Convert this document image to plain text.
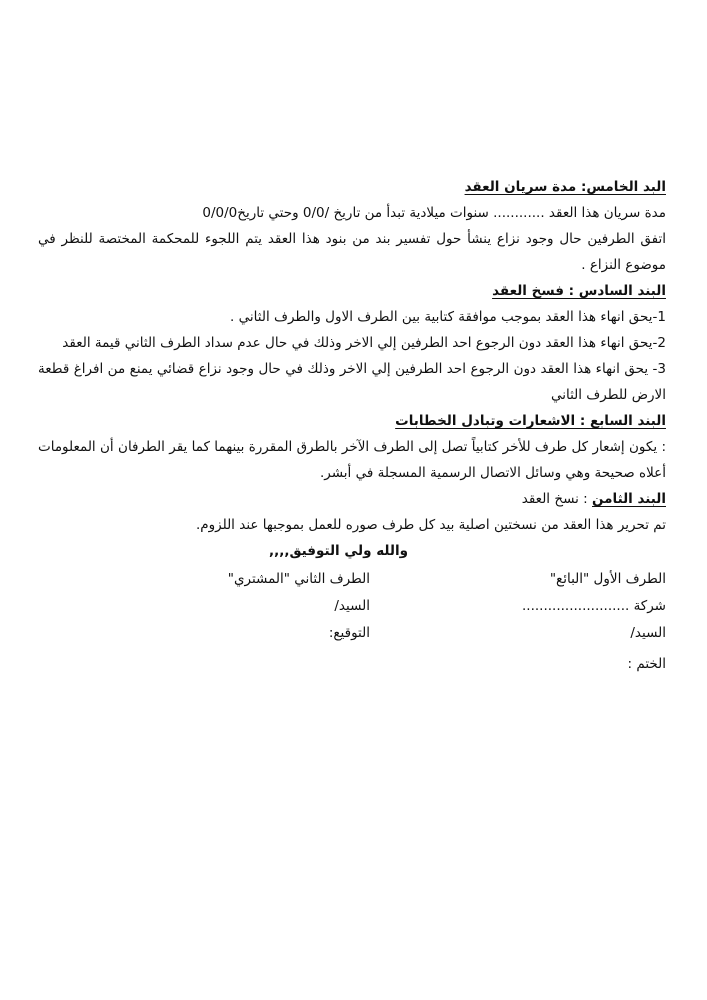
البد الخامس: مدة سريان العقد
مدة سريان هذا العقد ............ سنوات ميلادية تبدأ من تاريخ /0/0 وحتي تاريخ0/0/0
اتفق الطرفين حال وجود نزاع ينشأ حول تفسير بند من بنود هذا العقد يتم اللجوء للمحكمة المختصة للنظر في موضوع النزاع .
البند السادس : فسخ العقد
1-يحق انهاء هذا العقد بموجب موافقة كتابية بين الطرف الاول والطرف الثاني .
2-يحق انهاء هذا العقد دون الرجوع احد الطرفين إلي الاخر وذلك في حال عدم سداد الطرف الثاني قيمة العقد
3- يحق انهاء هذا العقد دون الرجوع احد الطرفين إلي الاخر وذلك في حال وجود نزاع قضائي يمنع من افراغ قطعة الارض للطرف الثاني
البند السابع : الاشعارات وتبادل الخطابات
: يكون إشعار كل طرف للأخر كتابياً تصل إلى الطرف الآخر بالطرق المقررة بينهما كما يقر الطرفان أن المعلومات أعلاه صحيحة وهي وسائل الاتصال الرسمية المسجلة في أبشر.
البند الثامن : نسخ العقد
تم تحرير هذا العقد من نسختين اصلية بيد كل طرف صوره للعمل بموجبها عند اللزوم.
والله ولي التوفيق,,,,
الطرف الأول "البائع"
شركة .........................
السيد/
الختم :
الطرف الثاني "المشتري"
السيد/
التوقيع:
